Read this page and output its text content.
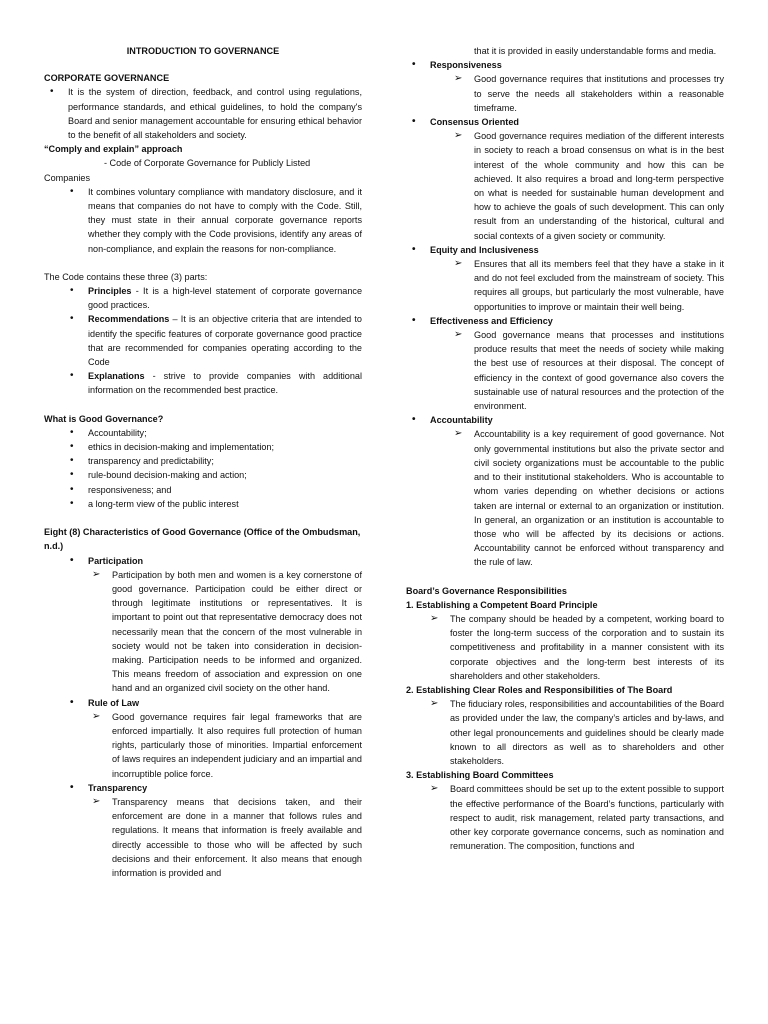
INTRODUCTION TO GOVERNANCE

CORPORATE GOVERNANCE

• It is the system of direction, feedback, and control using regulations, performance standards, and ethical guidelines, to hold the company's Board and senior management accountable for ensuring ethical behavior to the benefit of all stakeholders and society.

“Comply and explain” approach

- Code of Corporate Governance for Publicly Listed

Companies

• It combines voluntary compliance with mandatory disclosure, and it means that companies do not have to comply with the Code. Still, they must state in their annual corporate governance reports whether they comply with the Code provisions, identify any areas of non-compliance, and explain the reasons for non-compliance.

The Code contains these three (3) parts:

• Principles - It is a high-level statement of corporate governance good practices.
• Recommendations – It is an objective criteria that are intended to identify the specific features of corporate governance good practice that are recommended for companies operating according to the Code
• Explanations - strive to provide companies with additional information on the recommended best practice.

What is Good Governance?

• Accountability;
• ethics in decision-making and implementation;
• transparency and predictability;
• rule-bound decision-making and action;
• responsiveness; and
• a long-term view of the public interest

Eight (8) Characteristics of Good Governance (Office of the Ombudsman, n.d.)

• Participation

➢ Participation by both men and women is a key cornerstone of good governance. Participation could be either direct or through legitimate institutions or representatives. It is important to point out that representative democracy does not necessarily mean that the concern of the most vulnerable in society would not be taken into consideration in decision-making. Participation needs to be informed and organized. This means freedom of association and expression on one hand and an organized civil society on the other hand.

• Rule of Law

➢ Good governance requires fair legal frameworks that are enforced impartially. It also requires full protection of human rights, particularly those of minorities. Impartial enforcement of laws requires an independent judiciary and an impartial and incorruptible police force.

• Transparency

➢ Transparency means that decisions taken, and their enforcement are done in a manner that follows rules and regulations. It means that information is freely available and directly accessible to those who will be affected by such decisions and their enforcement. It also means that enough information is provided and

that it is provided in easily understandable forms and media.

• Responsiveness

➢ Good governance requires that institutions and processes try to serve the needs all stakeholders within a reasonable timeframe.

• Consensus Oriented

➢ Good governance requires mediation of the different interests in society to reach a broad consensus on what is in the best interest of the whole community and how this can be achieved. It also requires a broad and long-term perspective on what is needed for sustainable human development and how to achieve the goals of such development. This can only result from an understanding of the historical, cultural and social contexts of a given society or community.

• Equity and Inclusiveness

➢ Ensures that all its members feel that they have a stake in it and do not feel excluded from the mainstream of society. This requires all groups, but particularly the most vulnerable, have opportunities to improve or maintain their well being.

• Effectiveness and Efficiency

➢ Good governance means that processes and institutions produce results that meet the needs of society while making the best use of resources at their disposal. The concept of efficiency in the context of good governance also covers the sustainable use of natural resources and the protection of the environment.

• Accountability

➢ Accountability is a key requirement of good governance. Not only governmental institutions but also the private sector and civil society organizations must be accountable to the public and to their institutional stakeholders. Who is accountable to whom varies depending on whether decisions or actions taken are internal or external to an organization or institution. In general, an organization or an institution is accountable to those who will be affected by its decisions or actions. Accountability cannot be enforced without transparency and the rule of law.

Board’s Governance Responsibilities

1. Establishing a Competent Board Principle

➢ The company should be headed by a competent, working board to foster the long-term success of the corporation and to sustain its competitiveness and profitability in a manner consistent with its corporate objectives and the long-term best interests of its shareholders and other stakeholders.

2. Establishing Clear Roles and Responsibilities of The Board

➢ The fiduciary roles, responsibilities and accountabilities of the Board as provided under the law, the company’s articles and by-laws, and other legal pronouncements and guidelines should be clearly made known to all directors as well as to shareholders and other stakeholders.

3. Establishing Board Committees

➢ Board committees should be set up to the extent possible to support the effective performance of the Board’s functions, particularly with respect to audit, risk management, related party transactions, and other key corporate governance concerns, such as nomination and remuneration. The composition, functions and
